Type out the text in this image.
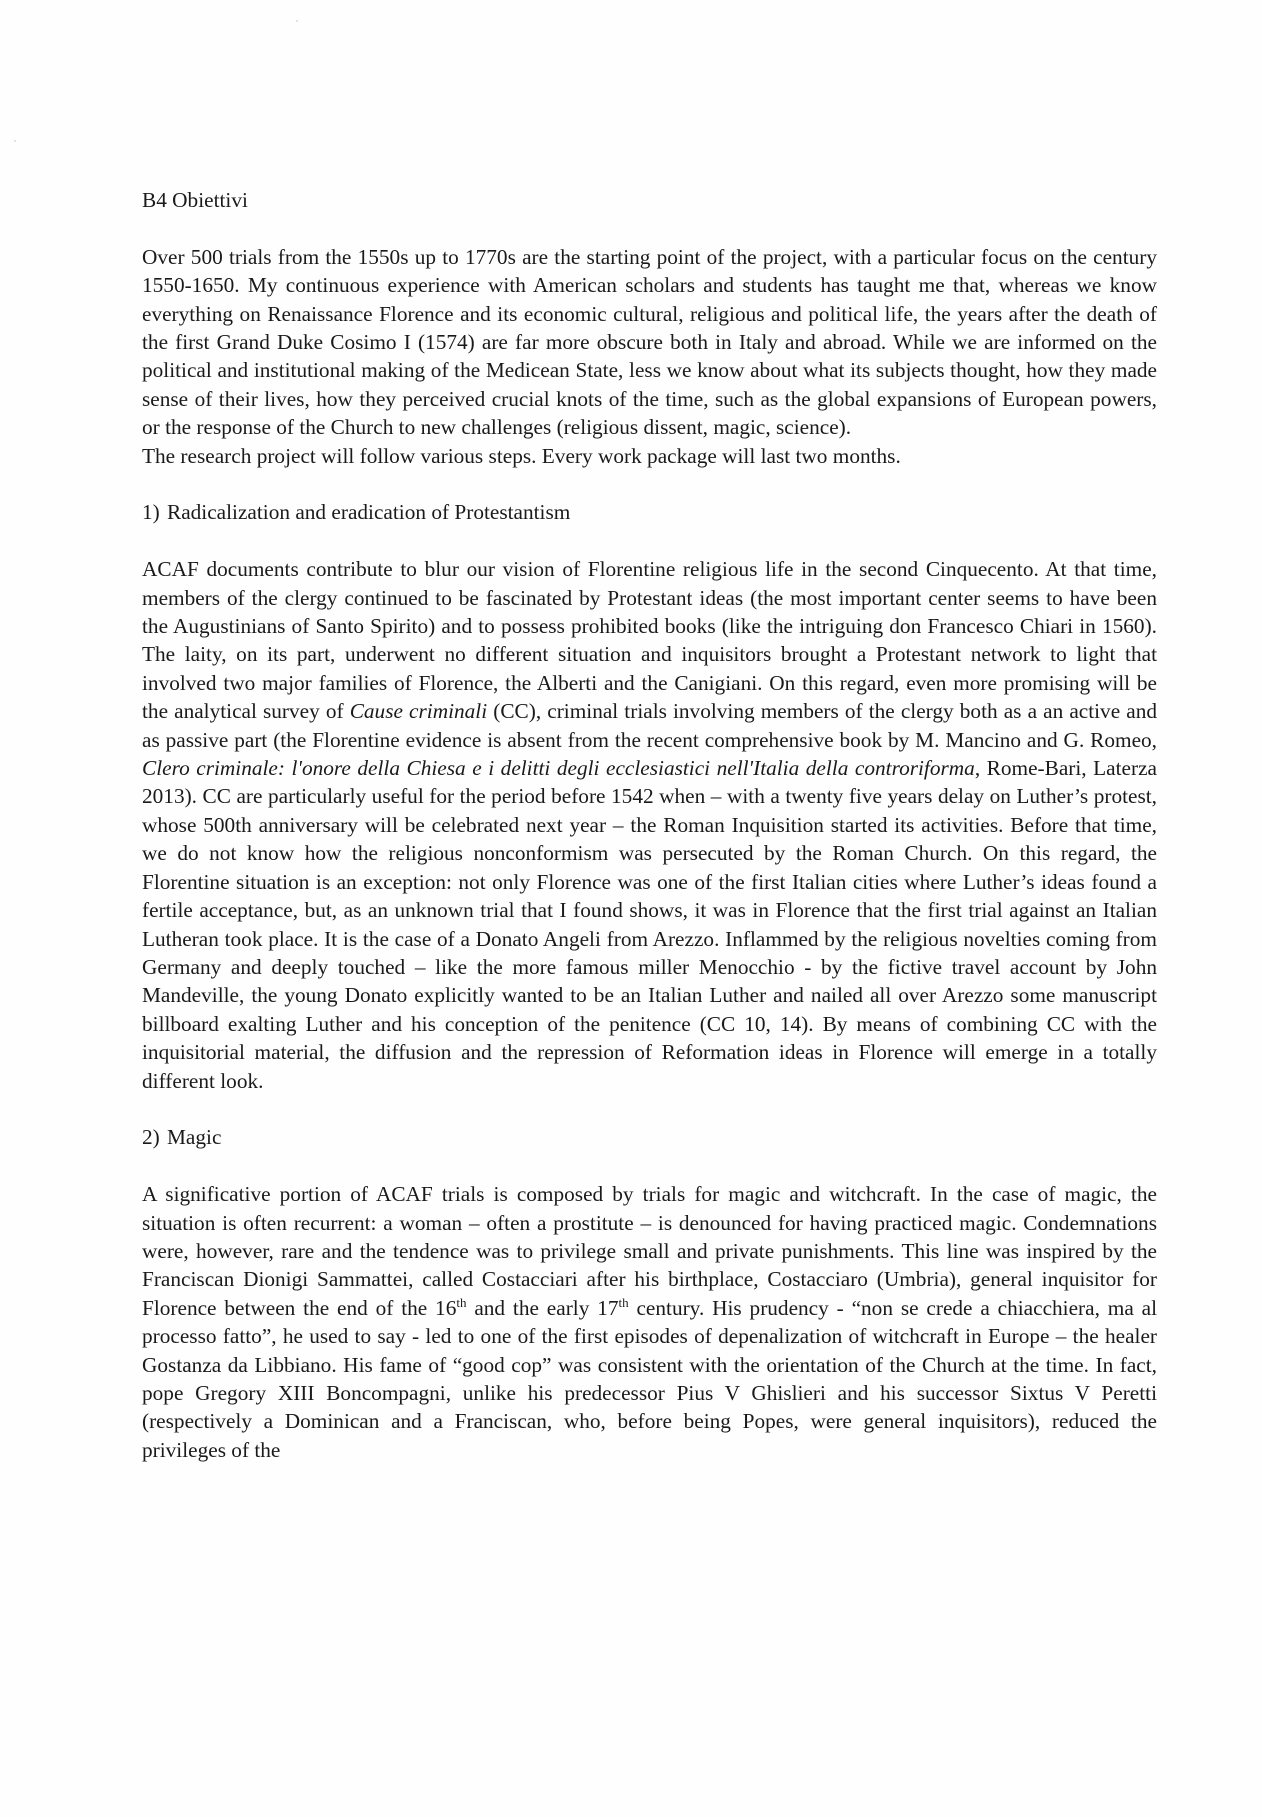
B4 Obiettivi

Over 500 trials from the 1550s up to 1770s are the starting point of the project, with a particular focus on the century 1550-1650. My continuous experience with American scholars and students has taught me that, whereas we know everything on Renaissance Florence and its economic cultural, religious and political life, the years after the death of the first Grand Duke Cosimo I (1574) are far more obscure both in Italy and abroad. While we are informed on the political and institutional making of the Medicean State, less we know about what its subjects thought, how they made sense of their lives, how they perceived crucial knots of the time, such as the global expansions of European powers, or the response of the Church to new challenges (religious dissent, magic, science).

The research project will follow various steps. Every work package will last two months.

1) Radicalization and eradication of Protestantism

ACAF documents contribute to blur our vision of Florentine religious life in the second Cinquecento. At that time, members of the clergy continued to be fascinated by Protestant ideas (the most important center seems to have been the Augustinians of Santo Spirito) and to possess prohibited books (like the intriguing don Francesco Chiari in 1560). The laity, on its part, underwent no different situation and inquisitors brought a Protestant network to light that involved two major families of Florence, the Alberti and the Canigiani. On this regard, even more promising will be the analytical survey of Cause criminali (CC), criminal trials involving members of the clergy both as a an active and as passive part (the Florentine evidence is absent from the recent comprehensive book by M. Mancino and G. Romeo, Clero criminale: l'onore della Chiesa e i delitti degli ecclesiastici nell'Italia della controriforma, Rome-Bari, Laterza 2013). CC are particularly useful for the period before 1542 when – with a twenty five years delay on Luther’s protest, whose 500th anniversary will be celebrated next year – the Roman Inquisition started its activities. Before that time, we do not know how the religious nonconformism was persecuted by the Roman Church. On this regard, the Florentine situation is an exception: not only Florence was one of the first Italian cities where Luther’s ideas found a fertile acceptance, but, as an unknown trial that I found shows, it was in Florence that the first trial against an Italian Lutheran took place. It is the case of a Donato Angeli from Arezzo. Inflammed by the religious novelties coming from Germany and deeply touched – like the more famous miller Menocchio - by the fictive travel account by John Mandeville, the young Donato explicitly wanted to be an Italian Luther and nailed all over Arezzo some manuscript billboard exalting Luther and his conception of the penitence (CC 10, 14). By means of combining CC with the inquisitorial material, the diffusion and the repression of Reformation ideas in Florence will emerge in a totally different look.

2) Magic

A significative portion of ACAF trials is composed by trials for magic and witchcraft. In the case of magic, the situation is often recurrent: a woman – often a prostitute – is denounced for having practiced magic. Condemnations were, however, rare and the tendence was to privilege small and private punishments. This line was inspired by the Franciscan Dionigi Sammattei, called Costacciari after his birthplace, Costacciaro (Umbria), general inquisitor for Florence between the end of the 16th and the early 17th century. His prudency - “non se crede a chiacchiera, ma al processo fatto”, he used to say - led to one of the first episodes of depenalization of witchcraft in Europe – the healer Gostanza da Libbiano. His fame of “good cop” was consistent with the orientation of the Church at the time. In fact, pope Gregory XIII Boncompagni, unlike his predecessor Pius V Ghislieri and his successor Sixtus V Peretti (respectively a Dominican and a Franciscan, who, before being Popes, were general inquisitors), reduced the privileges of the
